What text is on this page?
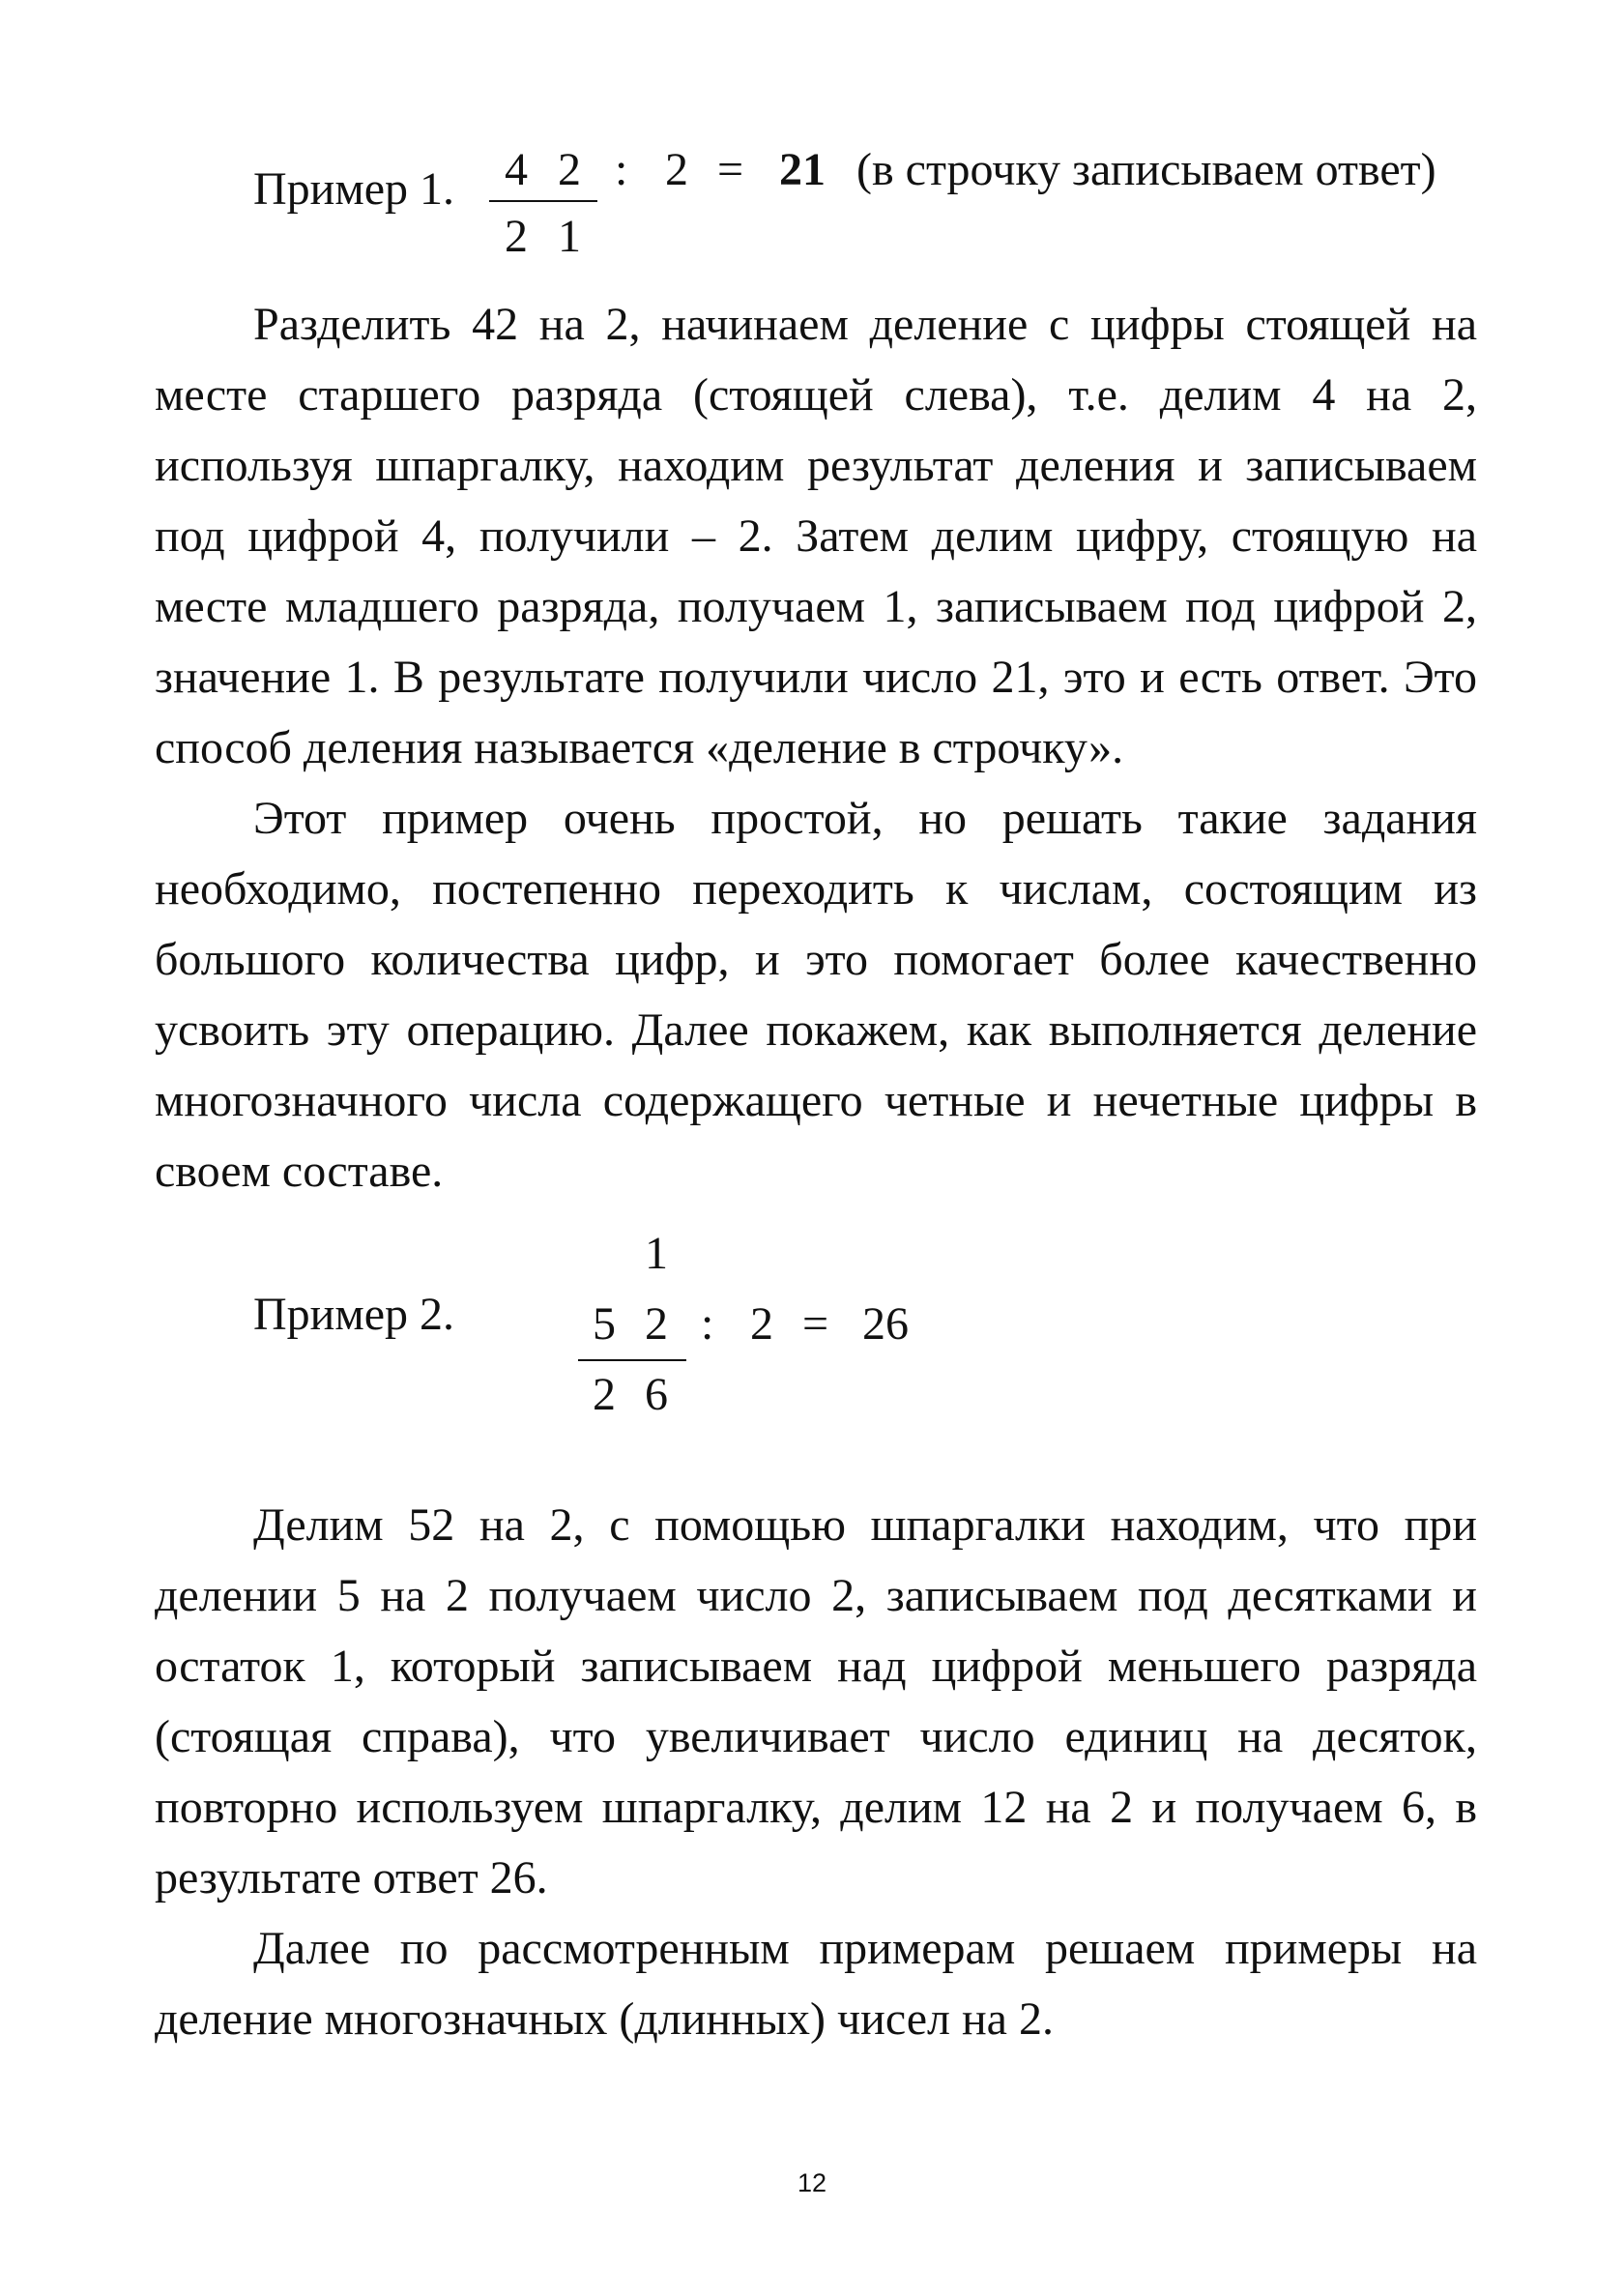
Пример 1. 4 2 : 2 = 21 (в строчку записываем ответ)
2 1

Разделить 42 на 2, начинаем деление с цифры стоящей на месте старшего разряда (стоящей слева), т.е. делим 4 на 2, используя шпаргалку, находим результат деления и записываем под цифрой 4, получили – 2. Затем делим цифру, стоящую на месте младшего разряда, получаем 1, записываем под цифрой 2, значение 1. В результате получили число 21, это и есть ответ. Это способ деления называется «деление в строчку».

Этот пример очень простой, но решать такие задания необходимо, постепенно переходить к числам, состоящим из большого количества цифр, и это помогает более качественно усвоить эту операцию. Далее покажем, как выполняется деление многозначного числа содержащего четные и нечетные цифры в своем составе.

1
Пример 2.	5 2 : 2 = 26
2 6

Делим 52 на 2, с помощью шпаргалки находим, что при делении 5 на 2 получаем число 2, записываем под десятками и остаток 1, который записываем над цифрой меньшего разряда (стоящая справа), что увеличивает число единиц на десяток, повторно используем шпаргалку, делим 12 на 2 и получаем 6, в результате ответ 26.

Далее по рассмотренным примерам решаем примеры на деление многозначных (длинных) чисел на 2.

12
